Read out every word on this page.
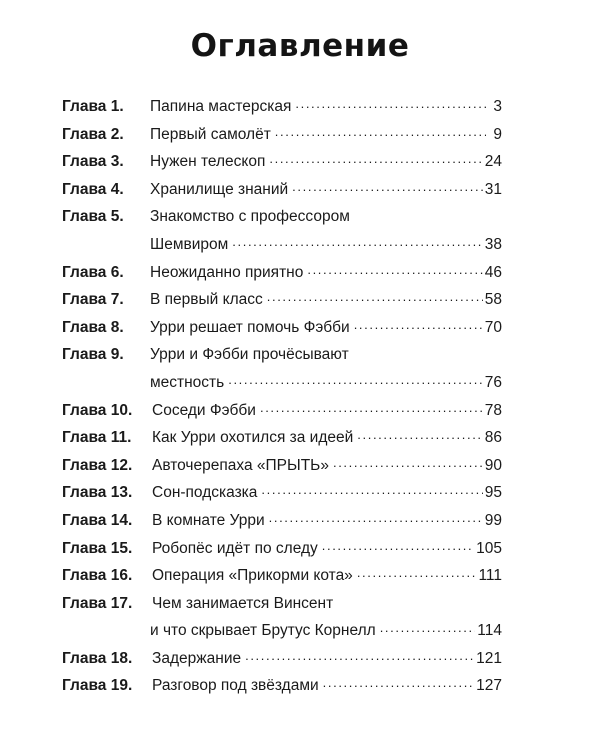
Оглавление
Глава 1.	Папина мастерская . . .	3
Глава 2.	Первый самолёт . . .	9
Глава 3.	Нужен телескоп . . .	24
Глава 4.	Хранилище знаний . . .	31
Глава 5.	Знакомство с профессором
Шемвиром . . .	38
Глава 6.	Неожиданно приятно . . .	46
Глава 7.	В первый класс . . .	58
Глава 8.	Урри решает помочь Фэбби . . .	70
Глава 9.	Урри и Фэбби прочёсывают
местность . . .	76
Глава 10.	Соседи Фэбби . . .	78
Глава 11.	Как Урри охотился за идеей . . .	86
Глава 12.	Авточерепаха «ПРЫТЬ» . . .	90
Глава 13.	Сон-подсказка . . .	95
Глава 14.	В комнате Урри . . .	99
Глава 15.	Робопёс идёт по следу . . .	105
Глава 16.	Операция «Прикорми кота» . . .	111
Глава 17.	Чем занимается Винсент
и что скрывает Брутус Корнелл . . .	114
Глава 18.	Задержание . . .	121
Глава 19.	Разговор под звёздами . . .	127
